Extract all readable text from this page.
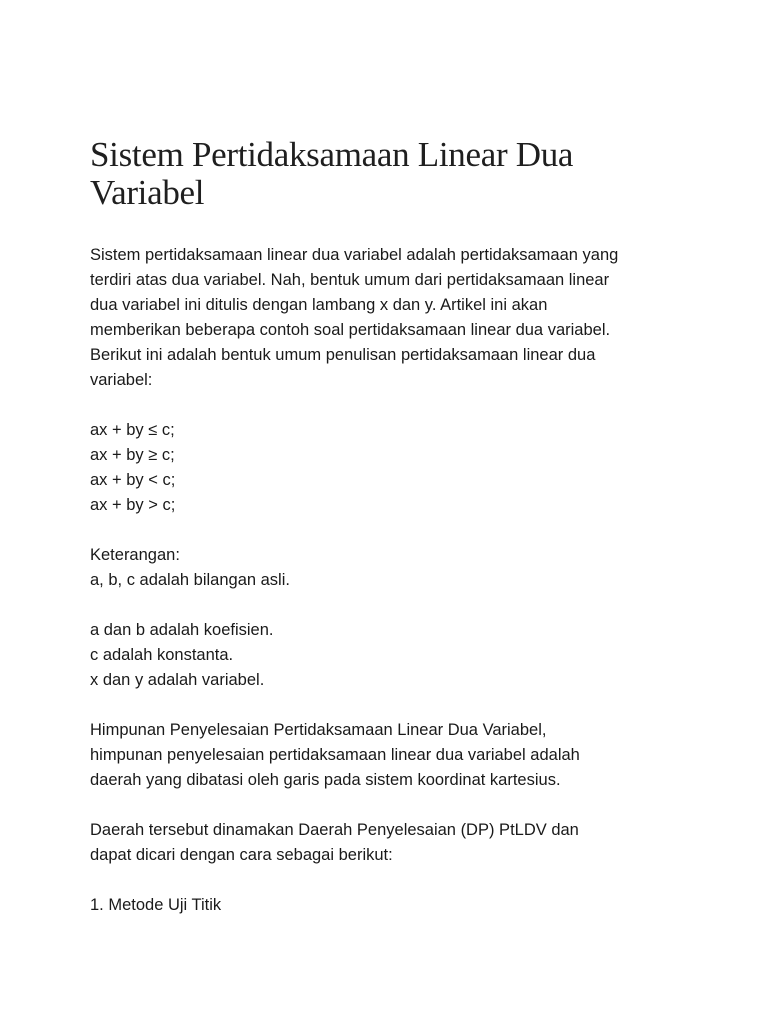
Sistem Pertidaksamaan Linear Dua
Variabel

Sistem pertidaksamaan linear dua variabel adalah pertidaksamaan yang
terdiri atas dua variabel. Nah, bentuk umum dari pertidaksamaan linear
dua variabel ini ditulis dengan lambang x dan y. Artikel ini akan
memberikan beberapa contoh soal pertidaksamaan linear dua variabel.
Berikut ini adalah bentuk umum penulisan pertidaksamaan linear dua
variabel:

ax + by ≤ c;
ax + by ≥ c;
ax + by < c;
ax + by > c;

Keterangan:
a, b, c adalah bilangan asli.

a dan b adalah koefisien.
c adalah konstanta.
x dan y adalah variabel.

Himpunan Penyelesaian Pertidaksamaan Linear Dua Variabel,
himpunan penyelesaian pertidaksamaan linear dua variabel adalah
daerah yang dibatasi oleh garis pada sistem koordinat kartesius.

Daerah tersebut dinamakan Daerah Penyelesaian (DP) PtLDV dan
dapat dicari dengan cara sebagai berikut:

1. Metode Uji Titik
